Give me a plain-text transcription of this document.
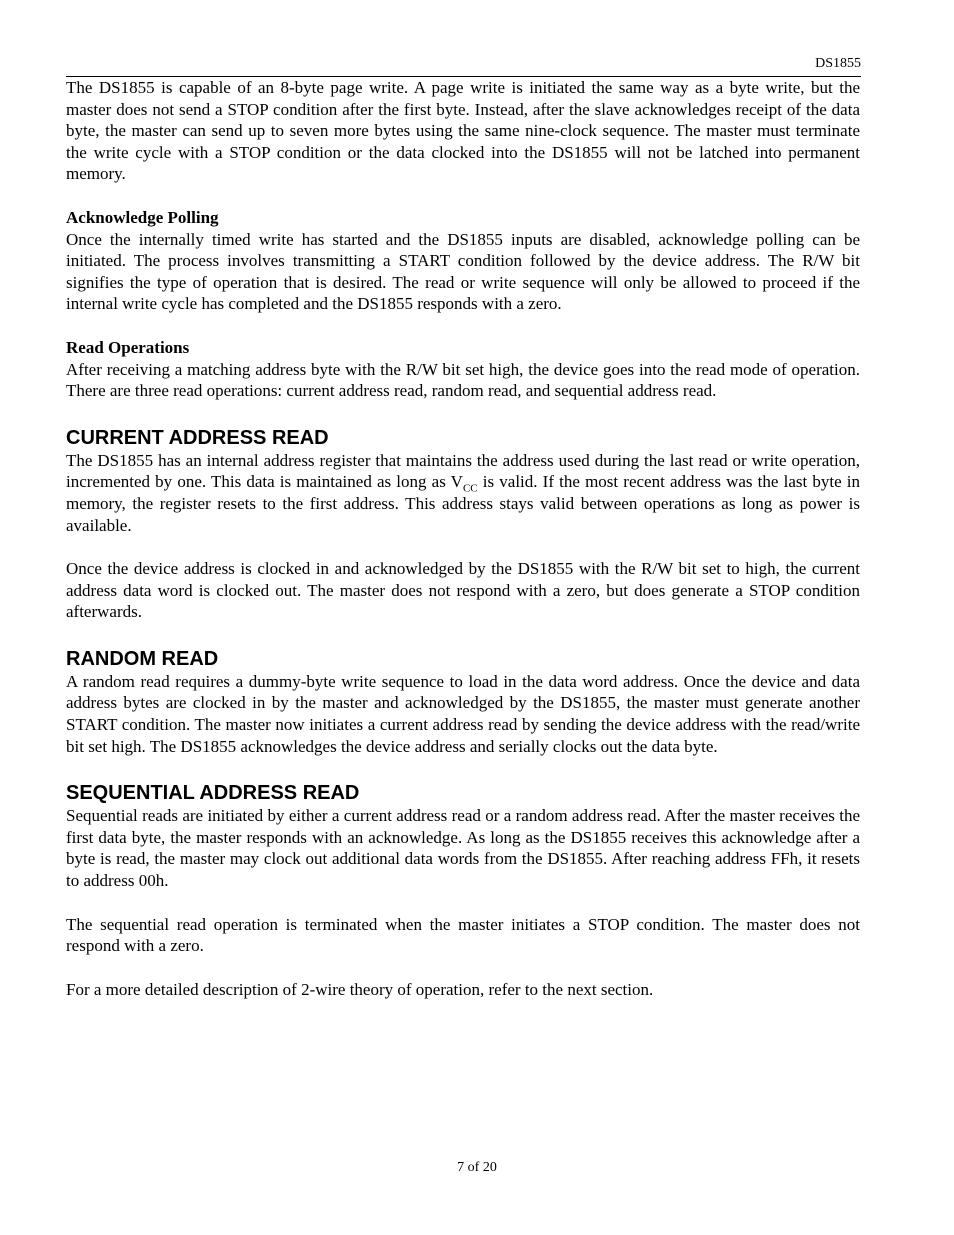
DS1855

The DS1855 is capable of an 8-byte page write. A page write is initiated the same way as a byte write, but the master does not send a STOP condition after the first byte. Instead, after the slave acknowledges receipt of the data byte, the master can send up to seven more bytes using the same nine-clock sequence. The master must terminate the write cycle with a STOP condition or the data clocked into the DS1855 will not be latched into permanent memory.

Acknowledge Polling

Once the internally timed write has started and the DS1855 inputs are disabled, acknowledge polling can be initiated. The process involves transmitting a START condition followed by the device address. The R/W bit signifies the type of operation that is desired. The read or write sequence will only be allowed to proceed if the internal write cycle has completed and the DS1855 responds with a zero.

Read Operations

After receiving a matching address byte with the R/W bit set high, the device goes into the read mode of operation. There are three read operations: current address read, random read, and sequential address read.

CURRENT ADDRESS READ

The DS1855 has an internal address register that maintains the address used during the last read or write operation, incremented by one. This data is maintained as long as $V_{CC}$ is valid. If the most recent address was the last byte in memory, the register resets to the first address. This address stays valid between operations as long as power is available.

Once the device address is clocked in and acknowledged by the DS1855 with the R/W bit set to high, the current address data word is clocked out. The master does not respond with a zero, but does generate a STOP condition afterwards.

RANDOM READ

A random read requires a dummy-byte write sequence to load in the data word address. Once the device and data address bytes are clocked in by the master and acknowledged by the DS1855, the master must generate another START condition. The master now initiates a current address read by sending the device address with the read/write bit set high. The DS1855 acknowledges the device address and serially clocks out the data byte.

SEQUENTIAL ADDRESS READ

Sequential reads are initiated by either a current address read or a random address read. After the master receives the first data byte, the master responds with an acknowledge. As long as the DS1855 receives this acknowledge after a byte is read, the master may clock out additional data words from the DS1855. After reaching address FFh, it resets to address 00h.

The sequential read operation is terminated when the master initiates a STOP condition. The master does not respond with a zero.

For a more detailed description of 2-wire theory of operation, refer to the next section.

7 of 20
